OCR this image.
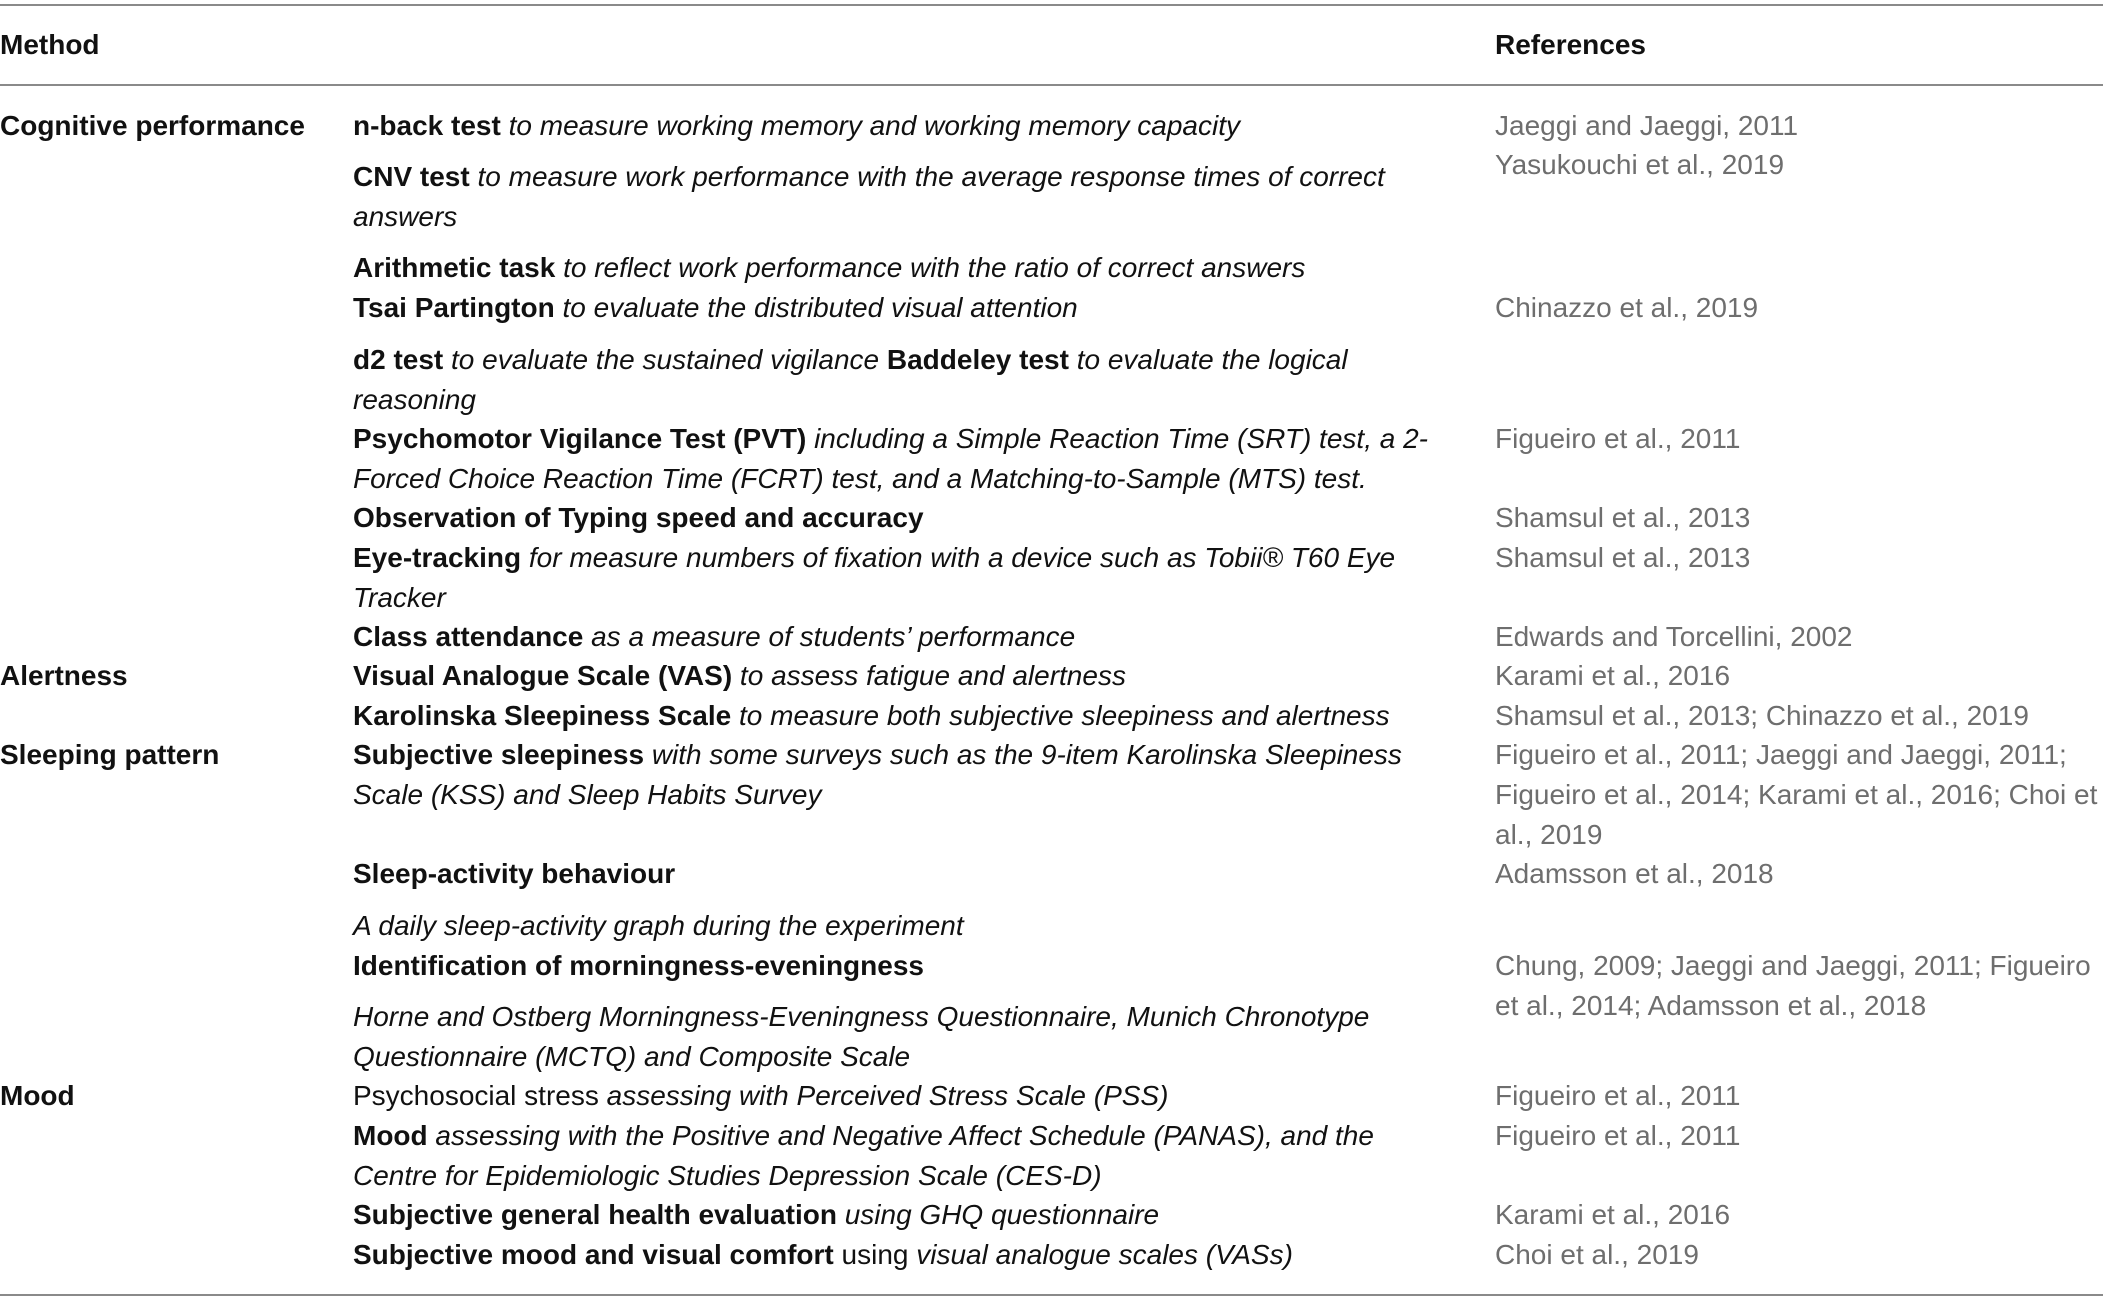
Method	References
Cognitive performance
Alertness
Sleeping pattern
Mood
n-back test to measure working memory and working memory capacity
CNV test to measure work performance with the average response times of correct answers
Arithmetic task to reflect work performance with the ratio of correct answers
Tsai Partington to evaluate the distributed visual attention
d2 test to evaluate the sustained vigilance Baddeley test to evaluate the logical reasoning
Psychomotor Vigilance Test (PVT) including a Simple Reaction Time (SRT) test, a 2-Forced Choice Reaction Time (FCRT) test, and a Matching-to-Sample (MTS) test.
Observation of Typing speed and accuracy
Eye-tracking for measure numbers of fixation with a device such as Tobii® T60 Eye Tracker
Class attendance as a measure of students’ performance
Visual Analogue Scale (VAS) to assess fatigue and alertness
Karolinska Sleepiness Scale to measure both subjective sleepiness and alertness
Subjective sleepiness with some surveys such as the 9-item Karolinska Sleepiness Scale (KSS) and Sleep Habits Survey
Sleep-activity behaviour
A daily sleep-activity graph during the experiment
Identification of morningness-eveningness
Horne and Ostberg Morningness-Eveningness Questionnaire, Munich Chronotype Questionnaire (MCTQ) and Composite Scale
Psychosocial stress assessing with Perceived Stress Scale (PSS)
Mood assessing with the Positive and Negative Affect Schedule (PANAS), and the Centre for Epidemiologic Studies Depression Scale (CES-D)
Subjective general health evaluation using GHQ questionnaire
Subjective mood and visual comfort using visual analogue scales (VASs)
Jaeggi and Jaeggi, 2011
Yasukouchi et al., 2019
Chinazzo et al., 2019
Figueiro et al., 2011
Shamsul et al., 2013
Shamsul et al., 2013
Edwards and Torcellini, 2002
Karami et al., 2016
Shamsul et al., 2013; Chinazzo et al., 2019
Figueiro et al., 2011; Jaeggi and Jaeggi, 2011; Figueiro et al., 2014; Karami et al., 2016; Choi et al., 2019
Adamsson et al., 2018
Chung, 2009; Jaeggi and Jaeggi, 2011; Figueiro et al., 2014; Adamsson et al., 2018
Figueiro et al., 2011
Figueiro et al., 2011
Karami et al., 2016
Choi et al., 2019
